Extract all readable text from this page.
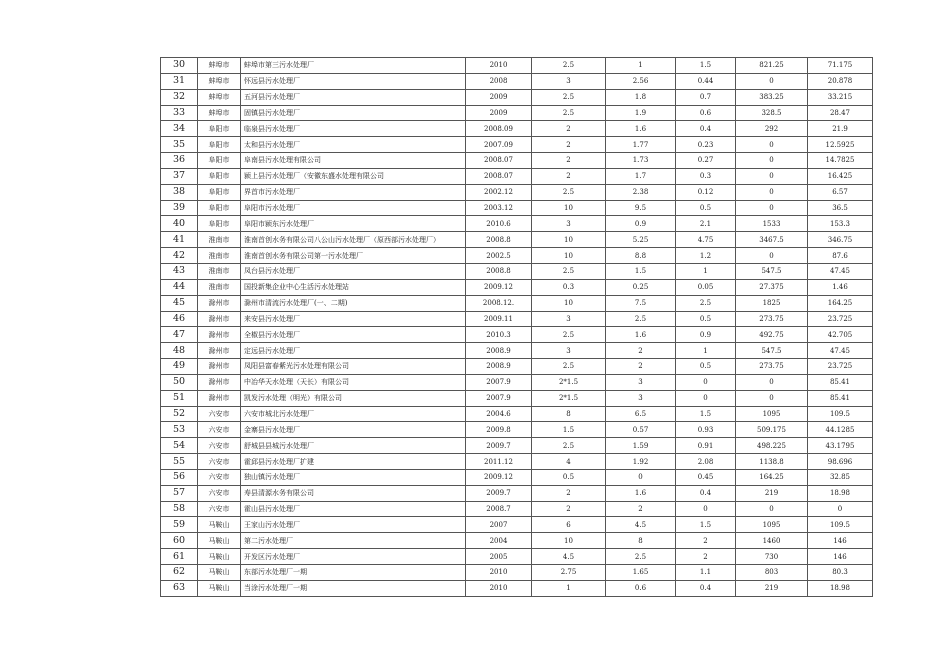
30	蚌埠市	蚌埠市第三污水处理厂	2010	2.5	1	1.5	821.25	71.175
31	蚌埠市	怀远县污水处理厂	2008	3	2.56	0.44	0	20.878
32	蚌埠市	五河县污水处理厂	2009	2.5	1.8	0.7	383.25	33.215
33	蚌埠市	固镇县污水处理厂	2009	2.5	1.9	0.6	328.5	28.47
34	阜阳市	临泉县污水处理厂	2008.09	2	1.6	0.4	292	21.9
35	阜阳市	太和县污水处理厂	2007.09	2	1.77	0.23	0	12.5925
36	阜阳市	阜南县污水处理有限公司	2008.07	2	1.73	0.27	0	14.7825
37	阜阳市	颍上县污水处理厂（安徽东盛水处理有限公司	2008.07	2	1.7	0.3	0	16.425
38	阜阳市	界首市污水处理厂	2002.12	2.5	2.38	0.12	0	6.57
39	阜阳市	阜阳市污水处理厂	2003.12	10	9.5	0.5	0	36.5
40	阜阳市	阜阳市颍东污水处理厂	2010.6	3	0.9	2.1	1533	153.3
41	淮南市	淮南首创水务有限公司八公山污水处理厂（原西部污水处理厂）	2008.8	10	5.25	4.75	3467.5	346.75
42	淮南市	淮南首创水务有限公司第一污水处理厂	2002.5	10	8.8	1.2	0	87.6
43	淮南市	凤台县污水处理厂	2008.8	2.5	1.5	1	547.5	47.45
44	淮南市	国投新集企业中心生活污水处理站	2009.12	0.3	0.25	0.05	27.375	1.46
45	滁州市	滁州市清流污水处理厂(一、二期)	2008.12.	10	7.5	2.5	1825	164.25
46	滁州市	来安县污水处理厂	2009.11	3	2.5	0.5	273.75	23.725
47	滁州市	全椒县污水处理厂	2010.3	2.5	1.6	0.9	492.75	42.705
48	滁州市	定远县污水处理厂	2008.9	3	2	1	547.5	47.45
49	滁州市	凤阳县富春紫光污水处理有限公司	2008.9	2.5	2	0.5	273.75	23.725
50	滁州市	中冶华天水处理（天长）有限公司	2007.9	2*1.5	3	0	0	85.41
51	滁州市	凯发污水处理（明光）有限公司	2007.9	2*1.5	3	0	0	85.41
52	六安市	六安市城北污水处理厂	2004.6	8	6.5	1.5	1095	109.5
53	六安市	金寨县污水处理厂	2009.8	1.5	0.57	0.93	509.175	44.1285
54	六安市	舒城县县城污水处理厂	2009.7	2.5	1.59	0.91	498.225	43.1795
55	六安市	霍邱县污水处理厂扩建	2011.12	4	1.92	2.08	1138.8	98.696
56	六安市	独山镇污水处理厂	2009.12	0.5	0	0.45	164.25	32.85
57	六安市	寿县清源水务有限公司	2009.7	2	1.6	0.4	219	18.98
58	六安市	霍山县污水处理厂	2008.7	2	2	0	0	0
59	马鞍山	王家山污水处理厂	2007	6	4.5	1.5	1095	109.5
60	马鞍山	第二污水处理厂	2004	10	8	2	1460	146
61	马鞍山	开发区污水处理厂	2005	4.5	2.5	2	730	146
62	马鞍山	东部污水处理厂一期	2010	2.75	1.65	1.1	803	80.3
63	马鞍山	当涂污水处理厂一期	2010	1	0.6	0.4	219	18.98
